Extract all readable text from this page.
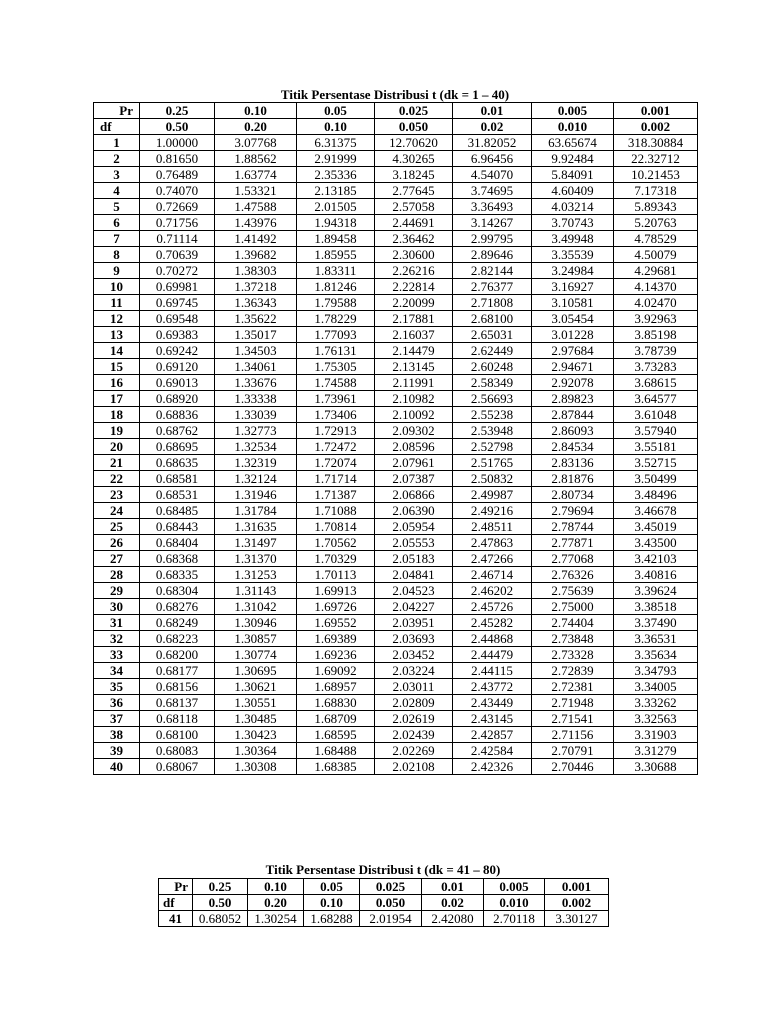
Titik Persentase Distribusi t (dk = 1 – 40)
Pr	0.25	0.10	0.05	0.025	0.01	0.005	0.001
df	0.50	0.20	0.10	0.050	0.02	0.010	0.002
1	1.00000	3.07768	6.31375	12.70620	31.82052	63.65674	318.30884
2	0.81650	1.88562	2.91999	4.30265	6.96456	9.92484	22.32712
3	0.76489	1.63774	2.35336	3.18245	4.54070	5.84091	10.21453
4	0.74070	1.53321	2.13185	2.77645	3.74695	4.60409	7.17318
5	0.72669	1.47588	2.01505	2.57058	3.36493	4.03214	5.89343
6	0.71756	1.43976	1.94318	2.44691	3.14267	3.70743	5.20763
7	0.71114	1.41492	1.89458	2.36462	2.99795	3.49948	4.78529
8	0.70639	1.39682	1.85955	2.30600	2.89646	3.35539	4.50079
9	0.70272	1.38303	1.83311	2.26216	2.82144	3.24984	4.29681
10	0.69981	1.37218	1.81246	2.22814	2.76377	3.16927	4.14370
11	0.69745	1.36343	1.79588	2.20099	2.71808	3.10581	4.02470
12	0.69548	1.35622	1.78229	2.17881	2.68100	3.05454	3.92963
13	0.69383	1.35017	1.77093	2.16037	2.65031	3.01228	3.85198
14	0.69242	1.34503	1.76131	2.14479	2.62449	2.97684	3.78739
15	0.69120	1.34061	1.75305	2.13145	2.60248	2.94671	3.73283
16	0.69013	1.33676	1.74588	2.11991	2.58349	2.92078	3.68615
17	0.68920	1.33338	1.73961	2.10982	2.56693	2.89823	3.64577
18	0.68836	1.33039	1.73406	2.10092	2.55238	2.87844	3.61048
19	0.68762	1.32773	1.72913	2.09302	2.53948	2.86093	3.57940
20	0.68695	1.32534	1.72472	2.08596	2.52798	2.84534	3.55181
21	0.68635	1.32319	1.72074	2.07961	2.51765	2.83136	3.52715
22	0.68581	1.32124	1.71714	2.07387	2.50832	2.81876	3.50499
23	0.68531	1.31946	1.71387	2.06866	2.49987	2.80734	3.48496
24	0.68485	1.31784	1.71088	2.06390	2.49216	2.79694	3.46678
25	0.68443	1.31635	1.70814	2.05954	2.48511	2.78744	3.45019
26	0.68404	1.31497	1.70562	2.05553	2.47863	2.77871	3.43500
27	0.68368	1.31370	1.70329	2.05183	2.47266	2.77068	3.42103
28	0.68335	1.31253	1.70113	2.04841	2.46714	2.76326	3.40816
29	0.68304	1.31143	1.69913	2.04523	2.46202	2.75639	3.39624
30	0.68276	1.31042	1.69726	2.04227	2.45726	2.75000	3.38518
31	0.68249	1.30946	1.69552	2.03951	2.45282	2.74404	3.37490
32	0.68223	1.30857	1.69389	2.03693	2.44868	2.73848	3.36531
33	0.68200	1.30774	1.69236	2.03452	2.44479	2.73328	3.35634
34	0.68177	1.30695	1.69092	2.03224	2.44115	2.72839	3.34793
35	0.68156	1.30621	1.68957	2.03011	2.43772	2.72381	3.34005
36	0.68137	1.30551	1.68830	2.02809	2.43449	2.71948	3.33262
37	0.68118	1.30485	1.68709	2.02619	2.43145	2.71541	3.32563
38	0.68100	1.30423	1.68595	2.02439	2.42857	2.71156	3.31903
39	0.68083	1.30364	1.68488	2.02269	2.42584	2.70791	3.31279
40	0.68067	1.30308	1.68385	2.02108	2.42326	2.70446	3.30688
Titik Persentase Distribusi t (dk = 41 – 80)
Pr	0.25	0.10	0.05	0.025	0.01	0.005	0.001
df	0.50	0.20	0.10	0.050	0.02	0.010	0.002
41	0.68052	1.30254	1.68288	2.01954	2.42080	2.70118	3.30127
